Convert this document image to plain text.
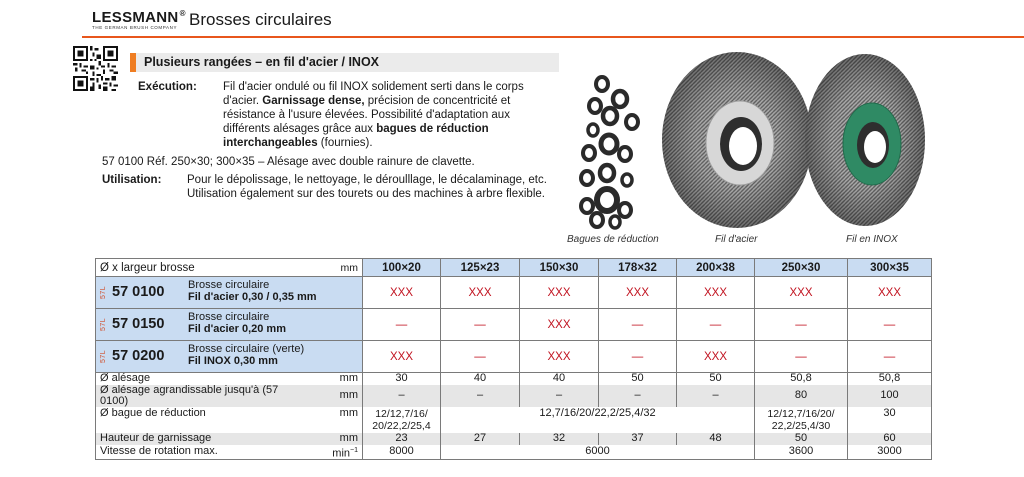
LESSMANN®
THE GERMAN BRUSH COMPANY Brosses circulaires
Plusieurs rangées – en fil d'acier / INOX
Exécution: Fil d'acier ondulé ou fil INOX solidement serti dans le corps d'acier. Garnissage dense, précision de concentricité et résistance à l'usure élevées. Possibilité d'adaptation aux différents alésages grâce aux bagues de réduction interchangeables (fournies).
57 0100 Réf. 250×30; 300×35 – Alésage avec double rainure de clavette.
Utilisation: Pour le dépolissage, le nettoyage, le déroulllage, le décalaminage, etc. Utilisation également sur des tourets ou des machines à arbre flexible.
Bagues de réduction	Fil d'acier	Fil en INOX
Ø x largeur brosse	mm	100×20	125×23	150×30	178×32	200×38	250×30	300×35

57L 57 0100 Brosse circulaire
Fil d'acier 0,30 / 0,35 mm		XXX	XXX	XXX	XXX	XXX	XXX	XXX

57L 57 0150 Brosse circulaire
Fil d'acier 0,20 mm		—	—	XXX	—	—	—	—

57L 57 0200 Brosse circulaire (verte)
Fil INOX 0,30 mm		XXX	—	XXX	—	XXX	—	—
Ø alésage	mm	30	40	40	50	50	50,8	50,8
Ø alésage agrandissable jusqu'à (57 0100)	mm	–	–	–	–	–	80	100
Ø bague de réduction	mm	12/12,7/16/ 20/22,2/25,4	12,7/16/20/22,2/25,4/32				12/12,7/16/20/ 22,2/25,4/30	30
Hauteur de garnissage	mm	23	27	32	37	48	50	60
Vitesse de rotation max.	$\min^{-1}$	8000	6000				3600	3000
